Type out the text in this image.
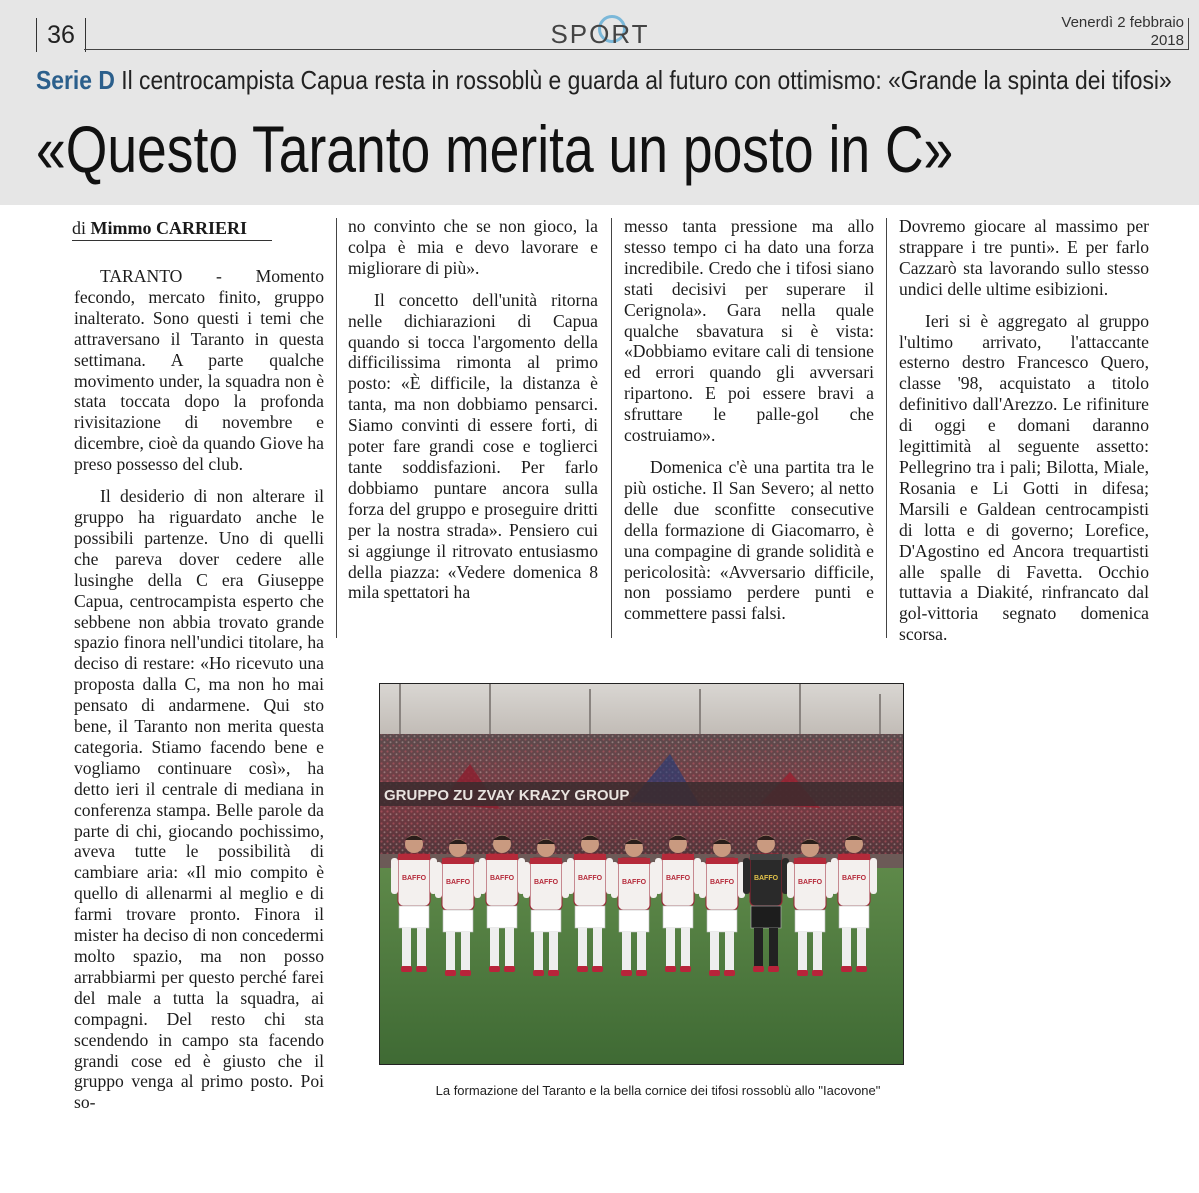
36	SPORT	Venerdì 2 febbraio
2018
Serie D Il centrocampista Capua resta in rossoblù e guarda al futuro con ottimismo: «Grande la spinta dei tifosi»
«Questo Taranto merita un posto in C»
di Mimmo CARRIERI

TARANTO - Momento fecondo, mercato finito, gruppo inalterato. Sono questi i temi che attraversano il Taranto in questa settimana. A parte qualche movimento under, la squadra non è stata toccata dopo la profonda rivisitazione di novembre e dicembre, cioè da quando Giove ha preso possesso del club.

Il desiderio di non alterare il gruppo ha riguardato anche le possibili partenze. Uno di quelli che pareva dover cedere alle lusinghe della C era Giuseppe Capua, centrocampista esperto che sebbene non abbia trovato grande spazio finora nell'undici titolare, ha deciso di restare: «Ho ricevuto una proposta dalla C, ma non ho mai pensato di andarmene. Qui sto bene, il Taranto non merita questa categoria. Stiamo facendo bene e vogliamo continuare così», ha detto ieri il centrale di mediana in conferenza stampa. Belle parole da parte di chi, giocando pochissimo, aveva tutte le possibilità di cambiare aria: «Il mio compito è quello di allenarmi al meglio e di farmi trovare pronto. Finora il mister ha deciso di non concedermi molto spazio, ma non posso arrabbiarmi per questo perché farei del male a tutta la squadra, ai compagni. Del resto chi sta scendendo in campo sta facendo grandi cose ed è giusto che il gruppo venga al primo posto. Poi so-

no convinto che se non gioco, la colpa è mia e devo lavorare e migliorare di più».

Il concetto dell'unità ritorna nelle dichiarazioni di Capua quando si tocca l'argomento della difficilissima rimonta al primo posto: «È difficile, la distanza è tanta, ma non dobbiamo pensarci. Siamo convinti di essere forti, di poter fare grandi cose e toglierci tante soddisfazioni. Per farlo dobbiamo puntare ancora sulla forza del gruppo e proseguire dritti per la nostra strada». Pensiero cui si aggiunge il ritrovato entusiasmo della piazza: «Vedere domenica 8 mila spettatori ha

messo tanta pressione ma allo stesso tempo ci ha dato una forza incredibile. Credo che i tifosi siano stati decisivi per superare il Cerignola». Gara nella quale qualche sbavatura si è vista: «Dobbiamo evitare cali di tensione ed errori quando gli avversari ripartono. E poi essere bravi a sfruttare le palle-gol che costruiamo».

Domenica c'è una partita tra le più ostiche. Il San Severo; al netto delle due sconfitte consecutive della formazione di Giacomarro, è una compagine di grande solidità e pericolosità: «Avversario difficile, non possiamo perdere punti e commettere passi falsi.

Dovremo giocare al massimo per strappare i tre punti». E per farlo Cazzarò sta lavorando sullo stesso undici delle ultime esibizioni.

Ieri si è aggregato al gruppo l'ultimo arrivato, l'attaccante esterno destro Francesco Quero, classe '98, acquistato a titolo definitivo dall'Arezzo. Le rifiniture di oggi e domani daranno legittimità al seguente assetto: Pellegrino tra i pali; Bilotta, Miale, Rosania e Li Gotti in difesa; Marsili e Galdean centrocampisti di lotta e di governo; Lorefice, D'Agostino ed Ancora trequartisti alle spalle di Favetta. Occhio tuttavia a Diakité, rinfrancato dal gol-vittoria segnato domenica scorsa.

GRUPPO ZU ZVAY KRAZY GROUP
BAFFO
BAFFO
BAFFO
BAFFO
BAFFO
BAFFO
BAFFO
BAFFO
BAFFO
BAFFO
BAFFO
La formazione del Taranto e la bella cornice dei tifosi rossoblù allo "Iacovone"
